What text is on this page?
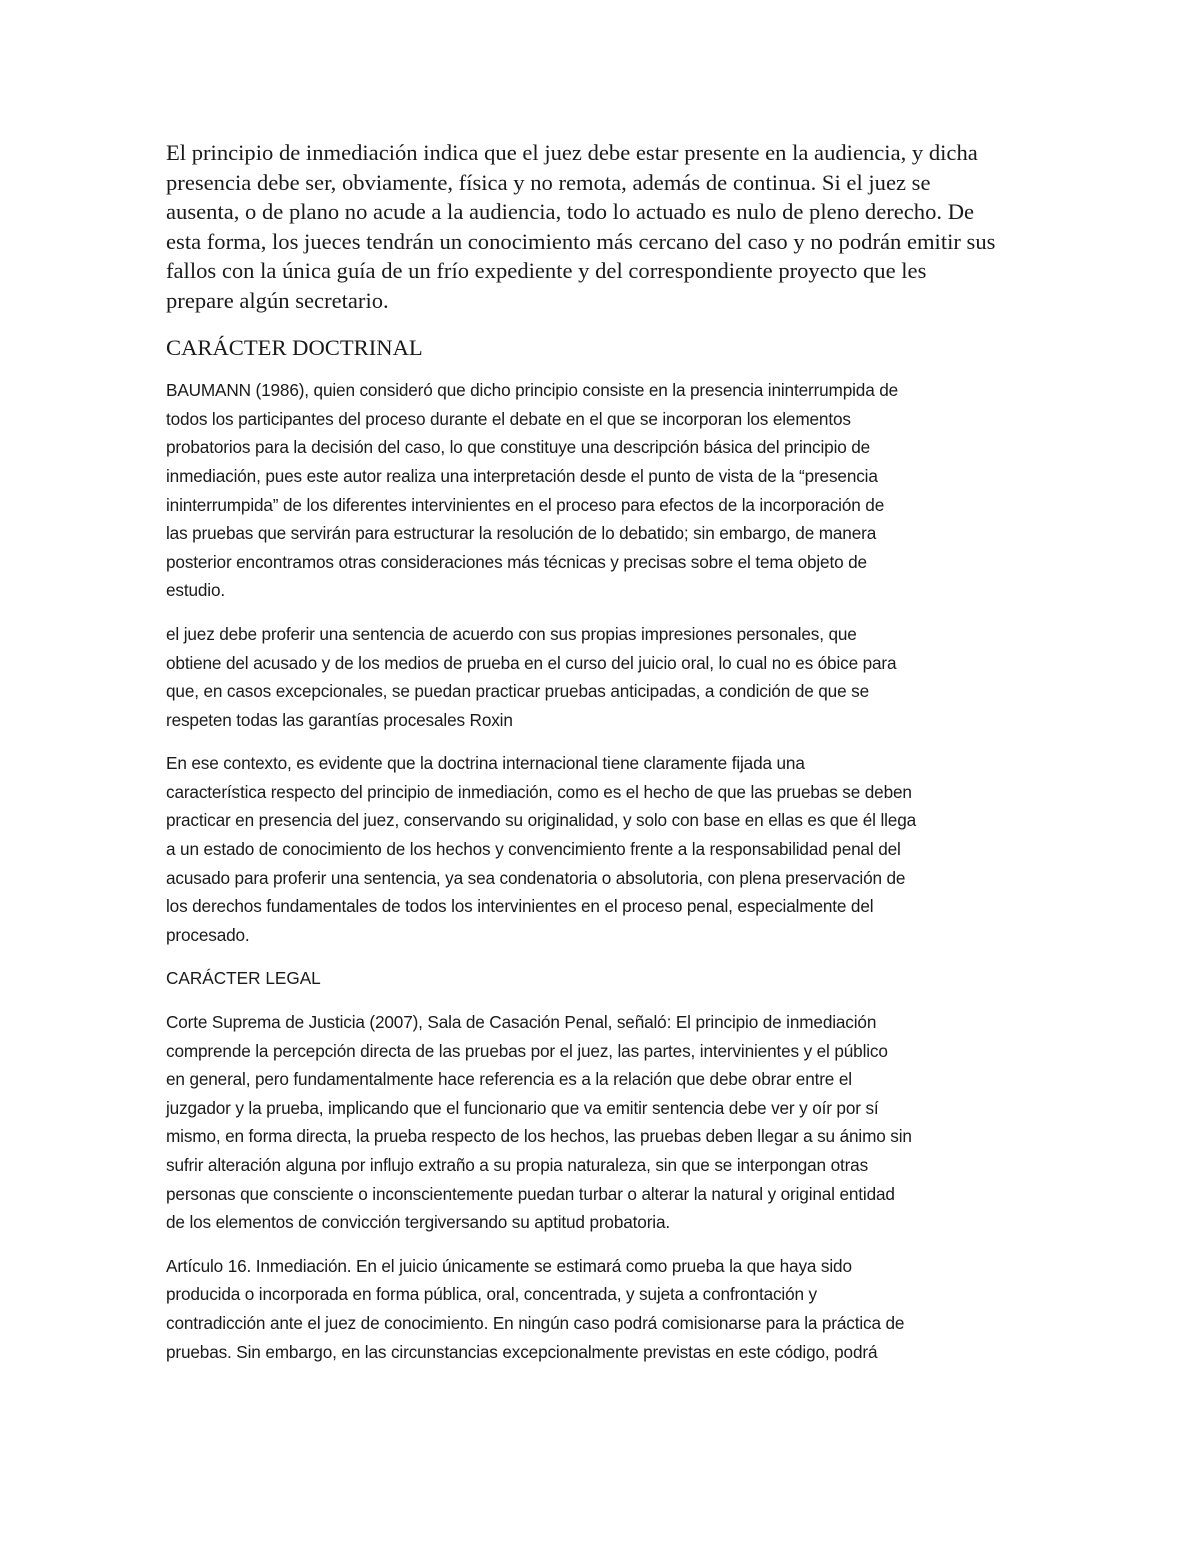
El principio de inmediación indica que el juez debe estar presente en la audiencia, y dicha
presencia debe ser, obviamente, física y no remota, además de continua. Si el juez se
ausenta, o de plano no acude a la audiencia, todo lo actuado es nulo de pleno derecho. De
esta forma, los jueces tendrán un conocimiento más cercano del caso y no podrán emitir sus
fallos con la única guía de un frío expediente y del correspondiente proyecto que les
prepare algún secretario.

CARÁCTER DOCTRINAL

BAUMANN (1986), quien consideró que dicho principio consiste en la presencia ininterrumpida de
todos los participantes del proceso durante el debate en el que se incorporan los elementos
probatorios para la decisión del caso, lo que constituye una descripción básica del principio de
inmediación, pues este autor realiza una interpretación desde el punto de vista de la “presencia
ininterrumpida” de los diferentes intervinientes en el proceso para efectos de la incorporación de
las pruebas que servirán para estructurar la resolución de lo debatido; sin embargo, de manera
posterior encontramos otras consideraciones más técnicas y precisas sobre el tema objeto de
estudio.

el juez debe proferir una sentencia de acuerdo con sus propias impresiones personales, que
obtiene del acusado y de los medios de prueba en el curso del juicio oral, lo cual no es óbice para
que, en casos excepcionales, se puedan practicar pruebas anticipadas, a condición de que se
respeten todas las garantías procesales Roxin

En ese contexto, es evidente que la doctrina internacional tiene claramente fijada una
característica respecto del principio de inmediación, como es el hecho de que las pruebas se deben
practicar en presencia del juez, conservando su originalidad, y solo con base en ellas es que él llega
a un estado de conocimiento de los hechos y convencimiento frente a la responsabilidad penal del
acusado para proferir una sentencia, ya sea condenatoria o absolutoria, con plena preservación de
los derechos fundamentales de todos los intervinientes en el proceso penal, especialmente del
procesado.

CARÁCTER LEGAL

Corte Suprema de Justicia (2007), Sala de Casación Penal, señaló: El principio de inmediación
comprende la percepción directa de las pruebas por el juez, las partes, intervinientes y el público
en general, pero fundamentalmente hace referencia es a la relación que debe obrar entre el
juzgador y la prueba, implicando que el funcionario que va emitir sentencia debe ver y oír por sí
mismo, en forma directa, la prueba respecto de los hechos, las pruebas deben llegar a su ánimo sin
sufrir alteración alguna por influjo extraño a su propia naturaleza, sin que se interpongan otras
personas que consciente o inconscientemente puedan turbar o alterar la natural y original entidad
de los elementos de convicción tergiversando su aptitud probatoria.

Artículo 16. Inmediación. En el juicio únicamente se estimará como prueba la que haya sido
producida o incorporada en forma pública, oral, concentrada, y sujeta a confrontación y
contradicción ante el juez de conocimiento. En ningún caso podrá comisionarse para la práctica de
pruebas. Sin embargo, en las circunstancias excepcionalmente previstas en este código, podrá
